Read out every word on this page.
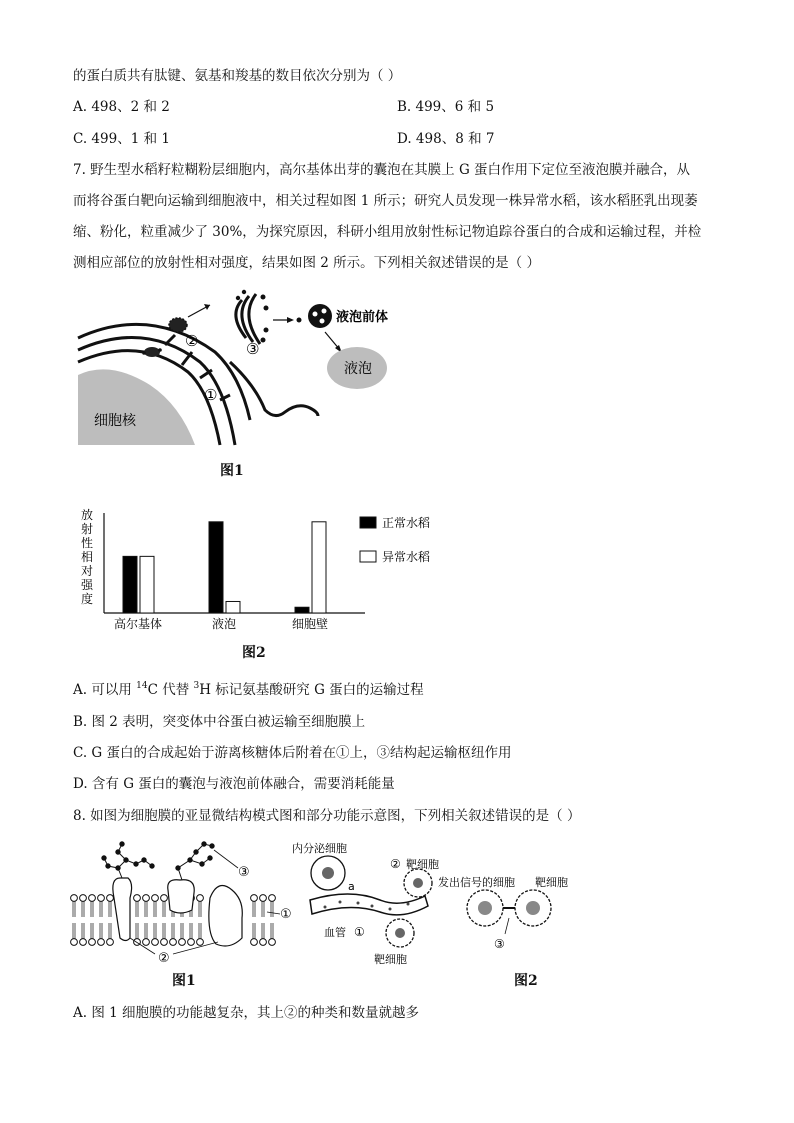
的蛋白质共有肽键、氨基和羧基的数目依次分别为（ ）
A. 498、2 和 2	B. 499、6 和 5
C. 499、1 和 1	D. 498、8 和 7
7. 野生型水稻籽粒糊粉层细胞内，高尔基体出芽的囊泡在其膜上 G 蛋白作用下定位至液泡膜并融合，从
而将谷蛋白靶向运输到细胞液中，相关过程如图 1 所示；研究人员发现一株异常水稻，该水稻胚乳出现萎
缩、粉化，粒重减少了 30%，为探究原因，科研小组用放射性标记物追踪谷蛋白的合成和运输过程，并检
测相应部位的放射性相对强度，结果如图 2 所示。下列相关叙述错误的是（ ）
细胞核
液泡
液泡前体
①
②	③
图1
放
射
性
相
对
强
度
高尔基体	液泡	细胞壁
正常水稻
异常水稻
图2
A. 可以用 $^{14}$C 代替 $^3$H 标记氨基酸研究 G 蛋白的运输过程
B. 图 2 表明，突变体中谷蛋白被运输至细胞膜上
C. G 蛋白的合成起始于游离核糖体后附着在①上，③结构起运输枢纽作用
D. 含有 G 蛋白的囊泡与液泡前体融合，需要消耗能量
8. 如图为细胞膜的亚显微结构模式图和部分功能示意图，下列相关叙述错误的是（ ）
③
①
②
图1
内分泌细胞
靶细胞
②
a
血管 ①
靶细胞
发出信号的细胞 靶细胞
③
图2
A. 图 1 细胞膜的功能越复杂，其上②的种类和数量就越多
